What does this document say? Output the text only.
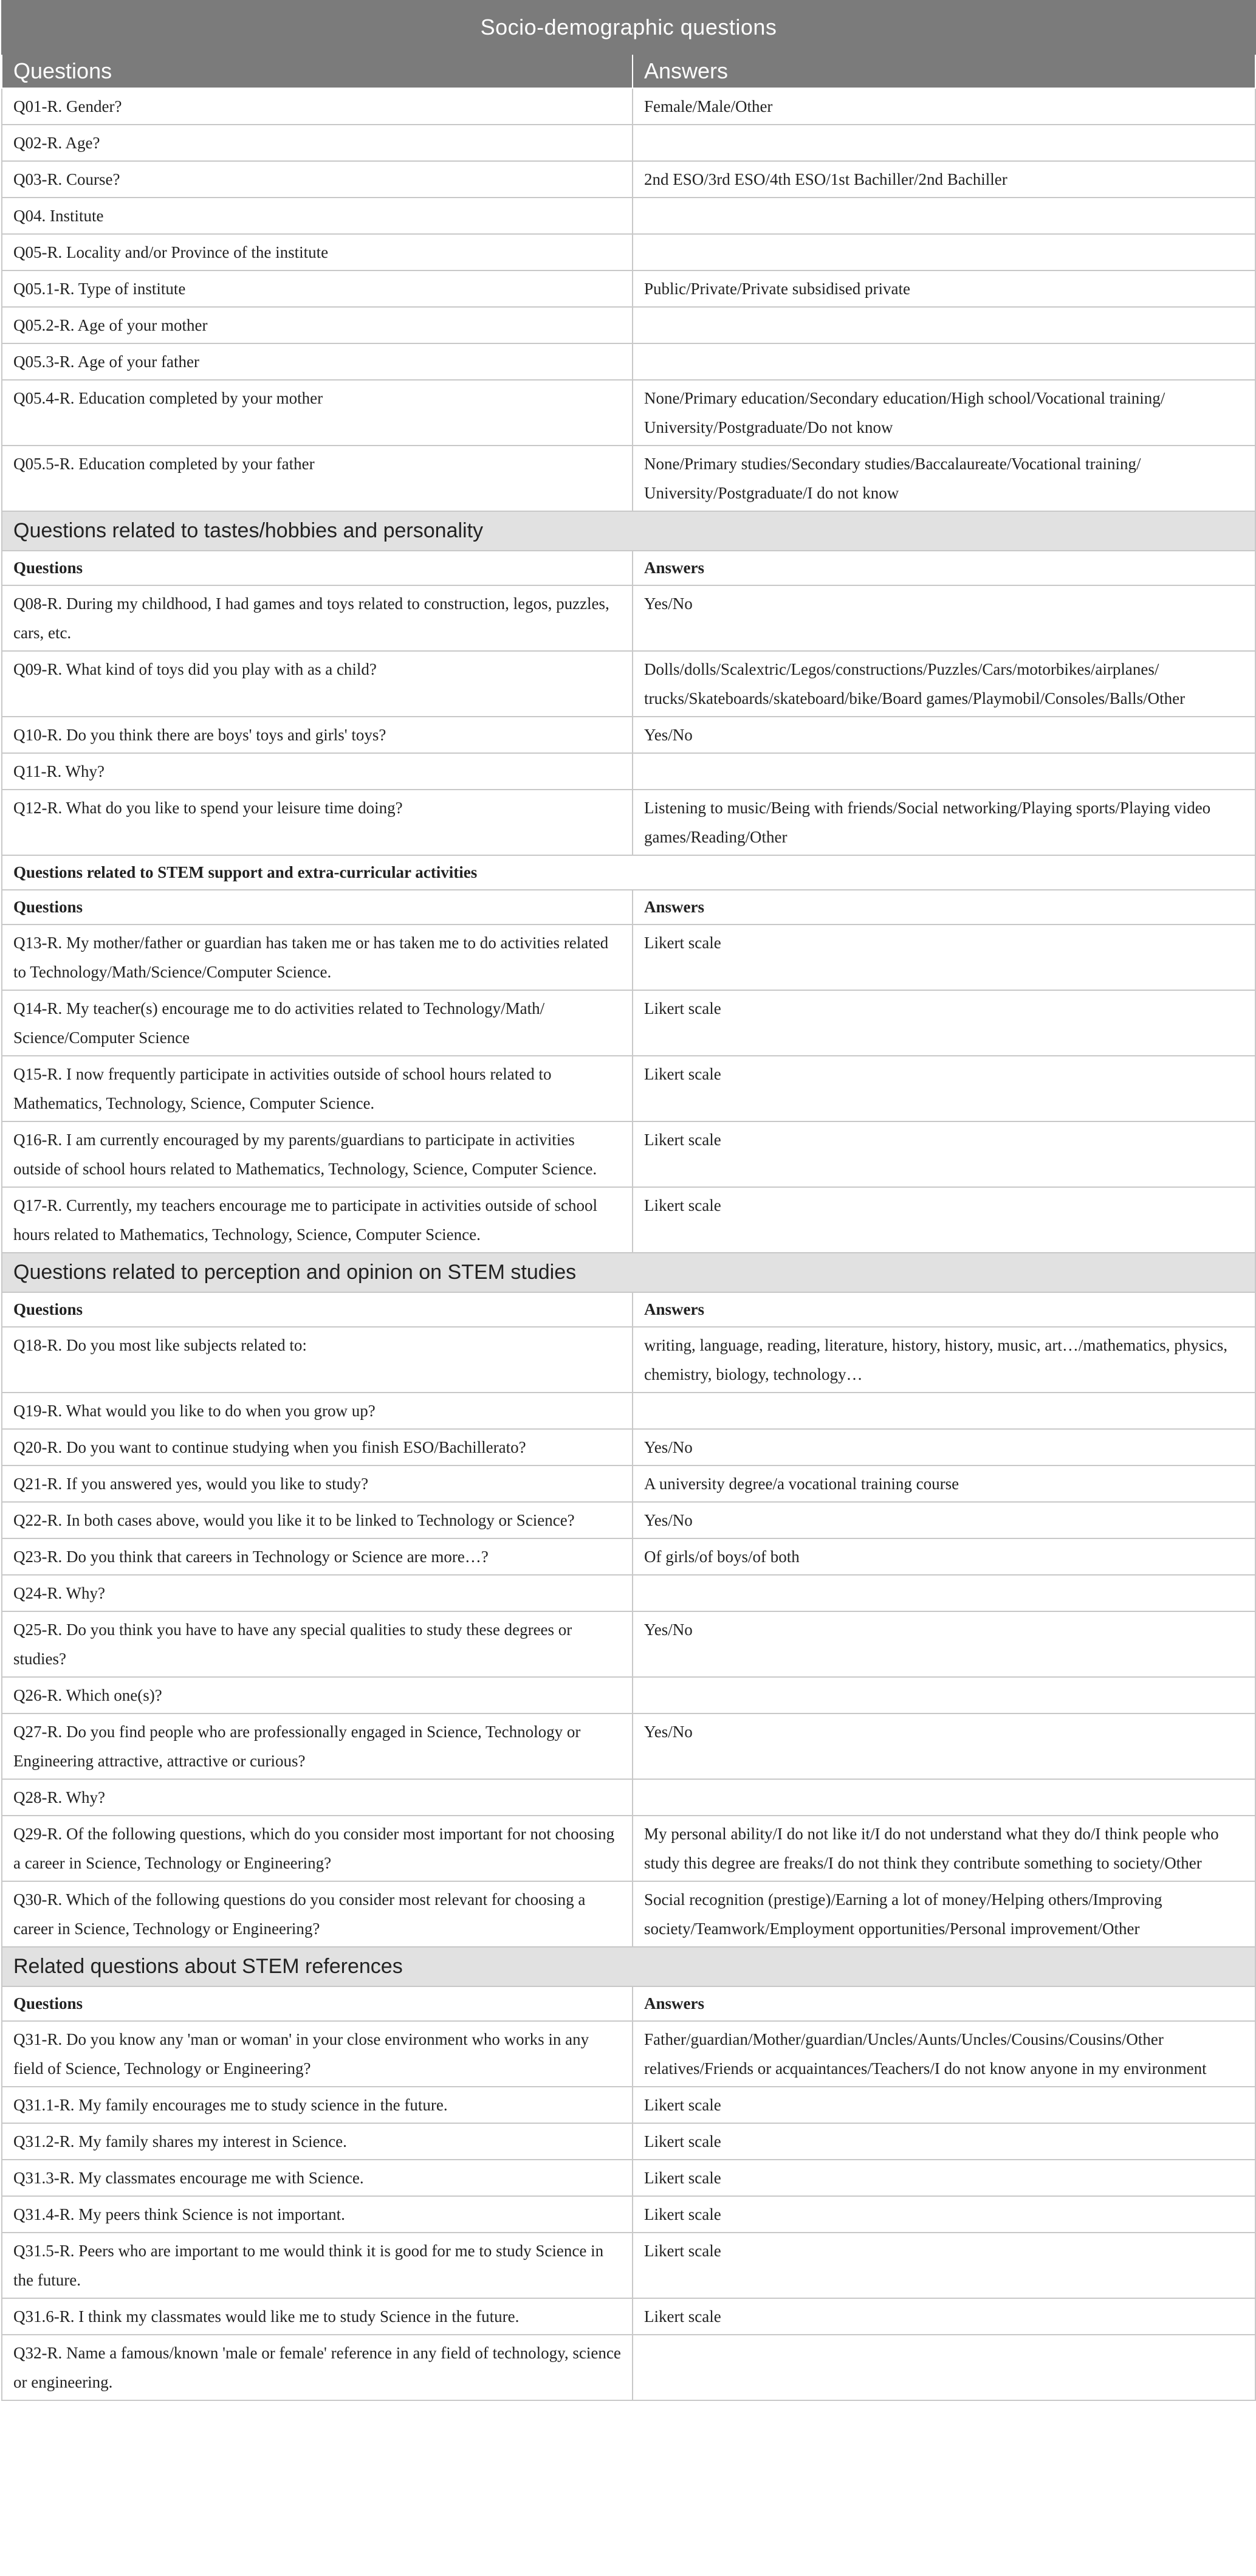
Socio-demographic questions	
Questions	Answers
Q01-R. Gender?	Female/Male/Other
Q02-R. Age?	
Q03-R. Course?	2nd ESO/3rd ESO/4th ESO/1st Bachiller/2nd Bachiller
Q04. Institute	
Q05-R. Locality and/or Province of the institute	
Q05.1-R. Type of institute	Public/Private/Private subsidised private
Q05.2-R. Age of your mother	
Q05.3-R. Age of your father	
Q05.4-R. Education completed by your mother	None/Primary education/Secondary education/High school/Vocational training/ University/Postgraduate/Do not know
Q05.5-R. Education completed by your father	None/Primary studies/Secondary studies/Baccalaureate/Vocational training/ University/Postgraduate/I do not know
Questions related to tastes/hobbies and personality	
Questions	Answers
Q08-R. During my childhood, I had games and toys related to construction, legos, puzzles, cars, etc.	Yes/No
Q09-R. What kind of toys did you play with as a child?	Dolls/dolls/Scalextric/Legos/constructions/Puzzles/Cars/motorbikes/airplanes/ trucks/Skateboards/skateboard/bike/Board games/Playmobil/Consoles/Balls/Other
Q10-R. Do you think there are boys' toys and girls' toys?	Yes/No
Q11-R. Why?	
Q12-R. What do you like to spend your leisure time doing?	Listening to music/Being with friends/Social networking/Playing sports/Playing video games/Reading/Other
Questions related to STEM support and extra-curricular activities	
Questions	Answers
Q13-R. My mother/father or guardian has taken me or has taken me to do activities related to Technology/Math/Science/Computer Science.	Likert scale
Q14-R. My teacher(s) encourage me to do activities related to Technology/Math/ Science/Computer Science	Likert scale
Q15-R. I now frequently participate in activities outside of school hours related to Mathematics, Technology, Science, Computer Science.	Likert scale
Q16-R. I am currently encouraged by my parents/guardians to participate in activities outside of school hours related to Mathematics, Technology, Science, Computer Science.	Likert scale
Q17-R. Currently, my teachers encourage me to participate in activities outside of school hours related to Mathematics, Technology, Science, Computer Science.	Likert scale
Questions related to perception and opinion on STEM studies	
Questions	Answers
Q18-R. Do you most like subjects related to:	writing, language, reading, literature, history, history, music, art…/mathematics, physics, chemistry, biology, technology…
Q19-R. What would you like to do when you grow up?	
Q20-R. Do you want to continue studying when you finish ESO/Bachillerato?	Yes/No
Q21-R. If you answered yes, would you like to study?	A university degree/a vocational training course
Q22-R. In both cases above, would you like it to be linked to Technology or Science?	Yes/No
Q23-R. Do you think that careers in Technology or Science are more…?	Of girls/of boys/of both
Q24-R. Why?	
Q25-R. Do you think you have to have any special qualities to study these degrees or studies?	Yes/No
Q26-R. Which one(s)?	
Q27-R. Do you find people who are professionally engaged in Science, Technology or Engineering attractive, attractive or curious?	Yes/No
Q28-R. Why?	
Q29-R. Of the following questions, which do you consider most important for not choosing a career in Science, Technology or Engineering?	My personal ability/I do not like it/I do not understand what they do/I think people who study this degree are freaks/I do not think they contribute something to society/Other
Q30-R. Which of the following questions do you consider most relevant for choosing a career in Science, Technology or Engineering?	Social recognition (prestige)/Earning a lot of money/Helping others/Improving society/Teamwork/Employment opportunities/Personal improvement/Other
Related questions about STEM references	
Questions	Answers
Q31-R. Do you know any 'man or woman' in your close environment who works in any field of Science, Technology or Engineering?	Father/guardian/Mother/guardian/Uncles/Aunts/Uncles/Cousins/Cousins/Other relatives/Friends or acquaintances/Teachers/I do not know anyone in my environment
Q31.1-R. My family encourages me to study science in the future.	Likert scale
Q31.2-R. My family shares my interest in Science.	Likert scale
Q31.3-R. My classmates encourage me with Science.	Likert scale
Q31.4-R. My peers think Science is not important.	Likert scale
Q31.5-R. Peers who are important to me would think it is good for me to study Science in the future.	Likert scale
Q31.6-R. I think my classmates would like me to study Science in the future.	Likert scale
Q32-R. Name a famous/known 'male or female' reference in any field of technology, science or engineering.	
